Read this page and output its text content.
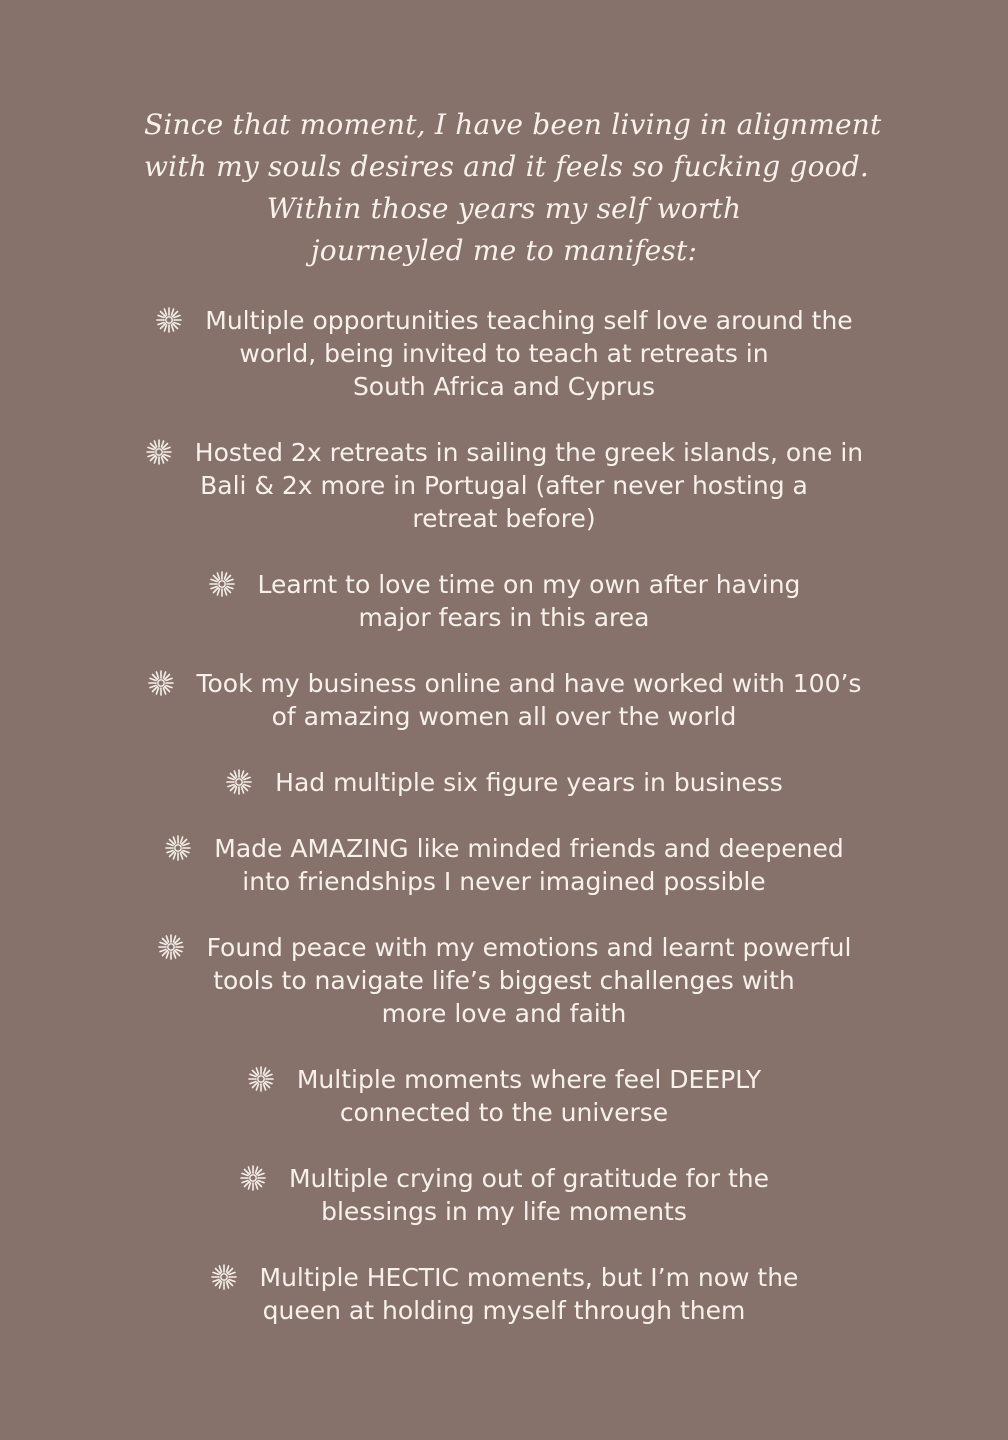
Since that moment, I have been living in alignment
with my souls desires and it feels so fucking good.
Within those years my self worth
journeyled me to manifest:
Multiple opportunities teaching self love around the
world, being invited to teach at retreats in
South Africa and Cyprus
Hosted 2x retreats in sailing the greek islands, one in
Bali & 2x more in Portugal (after never hosting a
retreat before)
Learnt to love time on my own after having
major fears in this area
Took my business online and have worked with 100’s
of amazing women all over the world
Had multiple six figure years in business
Made AMAZING like minded friends and deepened
into friendships I never imagined possible
Found peace with my emotions and learnt powerful
tools to navigate life’s biggest challenges with
more love and faith
Multiple moments where feel DEEPLY
connected to the universe
Multiple crying out of gratitude for the
blessings in my life moments
Multiple HECTIC moments, but I’m now the
queen at holding myself through them
